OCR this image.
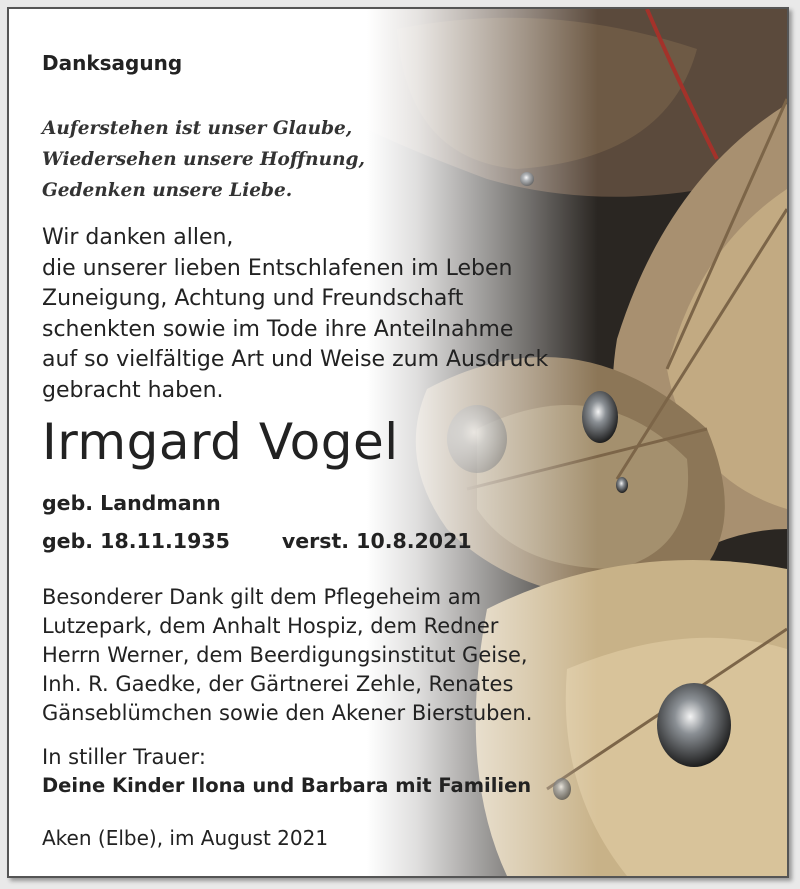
Danksagung
Auferstehen ist unser Glaube,
Wiedersehen unsere Hoffnung,
Gedenken unsere Liebe.
Wir danken allen,
die unserer lieben Entschlafenen im Leben
Zuneigung, Achtung und Freundschaft
schenkten sowie im Tode ihre Anteilnahme
auf so vielfältige Art und Weise zum Ausdruck
gebracht haben.
Irmgard Vogel
geb. Landmann
geb. 18.11.1935	verst. 10.8.2021
Besonderer Dank gilt dem Pflegeheim am
Lutzepark, dem Anhalt Hospiz, dem Redner
Herrn Werner, dem Beerdigungsinstitut Geise,
Inh. R. Gaedke, der Gärtnerei Zehle, Renates
Gänseblümchen sowie den Akener Bierstuben.
In stiller Trauer:
Deine Kinder Ilona und Barbara mit Familien
Aken (Elbe), im August 2021
